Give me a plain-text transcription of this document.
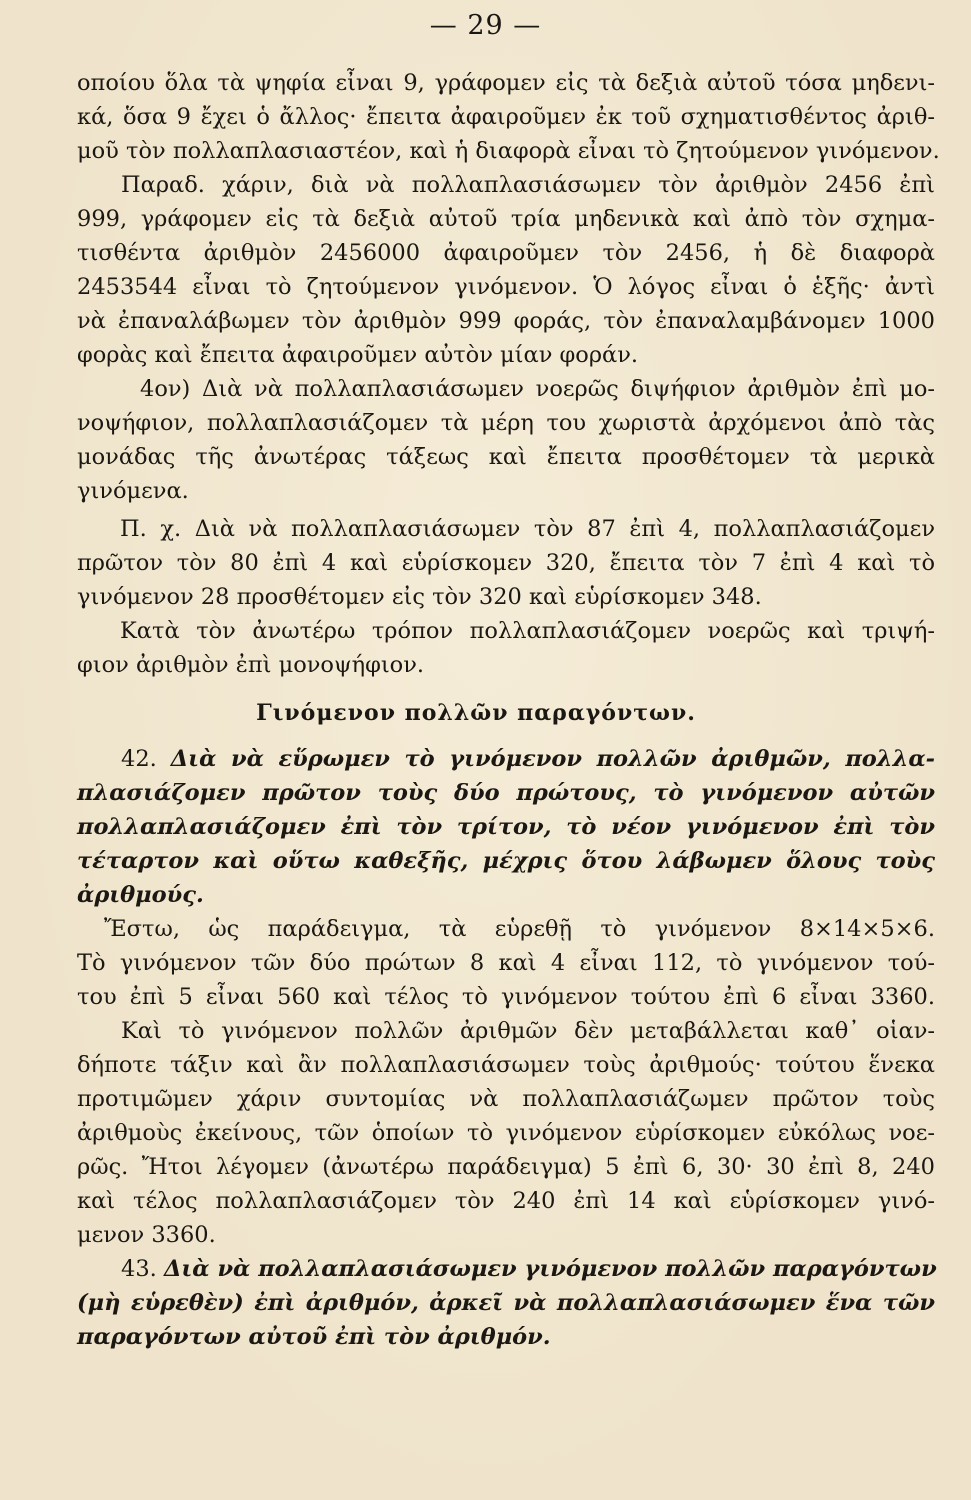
— 29 —
οποίου ὅλα τὰ ψηφία εἶναι 9, γράφομεν εἰς τὰ δεξιὰ αὐτοῦ τόσα μηδενι-
κά, ὅσα 9 ἔχει ὁ ἄλλος· ἔπειτα ἀφαιροῦμεν ἐκ τοῦ σχηματισθέντος ἀριθ-
μοῦ τὸν πολλαπλασιαστέον, καὶ ἡ διαφορὰ εἶναι τὸ ζητούμενον γινόμενον.
Παραδ. χάριν, διὰ νὰ πολλαπλασιάσωμεν τὸν ἀριθμὸν 2456 ἐπὶ
999, γράφομεν εἰς τὰ δεξιὰ αὐτοῦ τρία μηδενικὰ καὶ ἀπὸ τὸν σχημα-
τισθέντα ἀριθμὸν 2456000 ἀφαιροῦμεν τὸν 2456, ἡ δὲ διαφορὰ
2453544 εἶναι τὸ ζητούμενον γινόμενον. Ὁ λόγος εἶναι ὁ ἑξῆς· ἀντὶ
νὰ ἐπαναλάβωμεν τὸν ἀριθμὸν 999 φοράς, τὸν ἐπαναλαμβάνομεν 1000
φορὰς καὶ ἔπειτα ἀφαιροῦμεν αὐτὸν μίαν φοράν.
4ον) Διὰ νὰ πολλαπλασιάσωμεν νοερῶς διψήφιον ἀριθμὸν ἐπὶ μο-
νοψήφιον, πολλαπλασιάζομεν τὰ μέρη του χωριστὰ ἀρχόμενοι ἀπὸ τὰς
μονάδας τῆς ἀνωτέρας τάξεως καὶ ἔπειτα προσθέτομεν τὰ μερικὰ
γινόμενα.
Π. χ. Διὰ νὰ πολλαπλασιάσωμεν τὸν 87 ἐπὶ 4, πολλαπλασιάζομεν
πρῶτον τὸν 80 ἐπὶ 4 καὶ εὑρίσκομεν 320, ἔπειτα τὸν 7 ἐπὶ 4 καὶ τὸ
γινόμενον 28 προσθέτομεν εἰς τὸν 320 καὶ εὑρίσκομεν 348.
Κατὰ τὸν ἀνωτέρω τρόπον πολλαπλασιάζομεν νοερῶς καὶ τριψή-
φιον ἀριθμὸν ἐπὶ μονοψήφιον.
Γινόμενον πολλῶν παραγόντων.
42. Διὰ νὰ εὕρωμεν τὸ γινόμενον πολλῶν ἀριθμῶν, πολλα-
πλασιάζομεν πρῶτον τοὺς δύο πρώτους, τὸ γινόμενον αὐτῶν
πολλαπλασιάζομεν ἐπὶ τὸν τρίτον, τὸ νέον γινόμενον ἐπὶ τὸν
τέταρτον καὶ οὕτω καθεξῆς, μέχρις ὅτου λάβωμεν ὅλους τοὺς
ἀριθμούς.
Ἔστω, ὡς παράδειγμα, τὰ εὑρεθῇ τὸ γινόμενον 8×14×5×6.
Τὸ γινόμενον τῶν δύο πρώτων 8 καὶ 4 εἶναι 112, τὸ γινόμενον τού-
του ἐπὶ 5 εἶναι 560 καὶ τέλος τὸ γινόμενον τούτου ἐπὶ 6 εἶναι 3360.
Καὶ τὸ γινόμενον πολλῶν ἀριθμῶν δὲν μεταβάλλεται καθ᾽ οἱαν-
δήποτε τάξιν καὶ ἂν πολλαπλασιάσωμεν τοὺς ἀριθμούς· τούτου ἕνεκα
προτιμῶμεν χάριν συντομίας νὰ πολλαπλασιάζωμεν πρῶτον τοὺς
ἀριθμοὺς ἐκείνους, τῶν ὁποίων τὸ γινόμενον εὑρίσκομεν εὐκόλως νοε-
ρῶς. Ἤτοι λέγομεν (ἀνωτέρω παράδειγμα) 5 ἐπὶ 6, 30· 30 ἐπὶ 8, 240
καὶ τέλος πολλαπλασιάζομεν τὸν 240 ἐπὶ 14 καὶ εὑρίσκομεν γινό-
μενον 3360.
43. Διὰ νὰ πολλαπλασιάσωμεν γινόμενον πολλῶν παραγόντων
(μὴ εὑρεθὲν) ἐπὶ ἀριθμόν, ἀρκεῖ νὰ πολλαπλασιάσωμεν ἕνα τῶν
παραγόντων αὐτοῦ ἐπὶ τὸν ἀριθμόν.
